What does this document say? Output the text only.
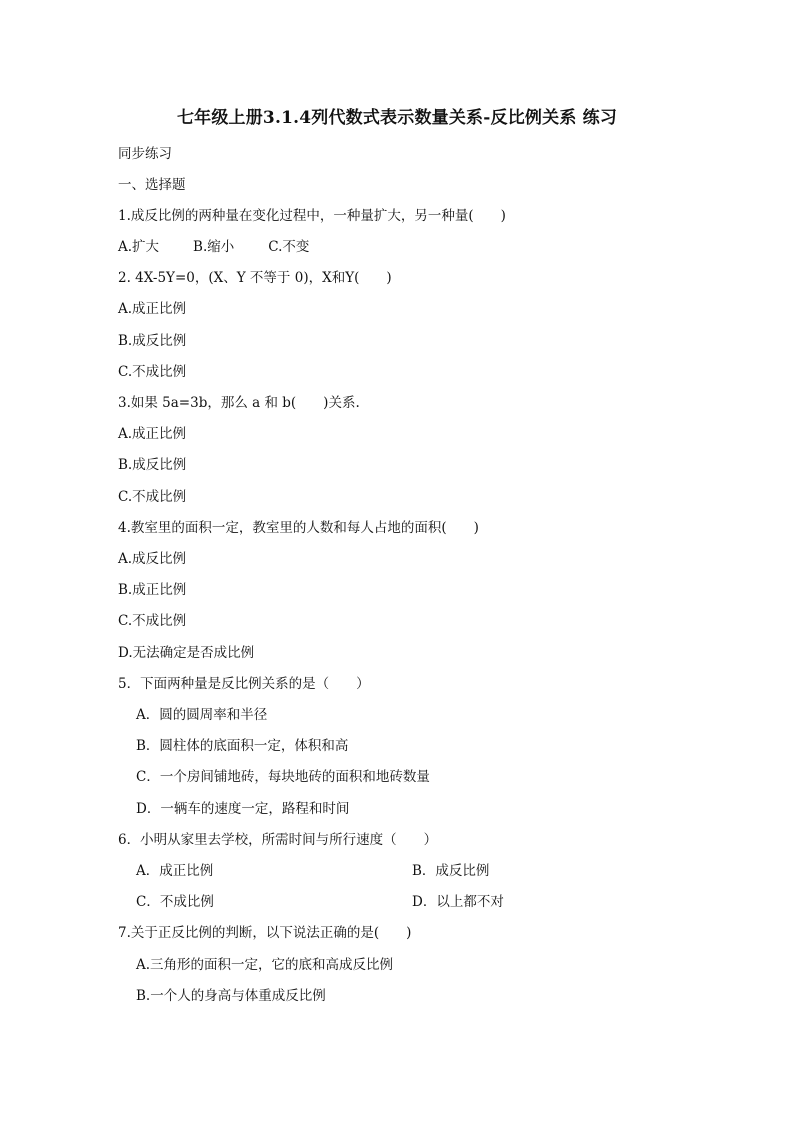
七年级上册3.1.4列代数式表示数量关系-反比例关系 练习
同步练习
一、选择题
1.成反比例的两种量在变化过程中，一种量扩大，另一种量(　　)
A.扩大	B.缩小	C.不变
2. 4X-5Y=0，(X、Y 不等于 0)，X和Y(　　)
A.成正比例
B.成反比例
C.不成比例
3.如果 5a=3b，那么 a 和 b(　　)关系.
A.成正比例
B.成反比例
C.不成比例
4.教室里的面积一定，教室里的人数和每人占地的面积(　　)
A.成反比例
B.成正比例
C.不成比例
D.无法确定是否成比例
5．下面两种量是反比例关系的是（　　）
A．圆的圆周率和半径
B．圆柱体的底面积一定，体积和高
C．一个房间铺地砖，每块地砖的面积和地砖数量
D．一辆车的速度一定，路程和时间
6．小明从家里去学校，所需时间与所行速度（　　）
A．成正比例	B．成反比例
C．不成比例	D．以上都不对
7.关于正反比例的判断，以下说法正确的是(　　)
A.三角形的面积一定，它的底和高成反比例
B.一个人的身高与体重成反比例
